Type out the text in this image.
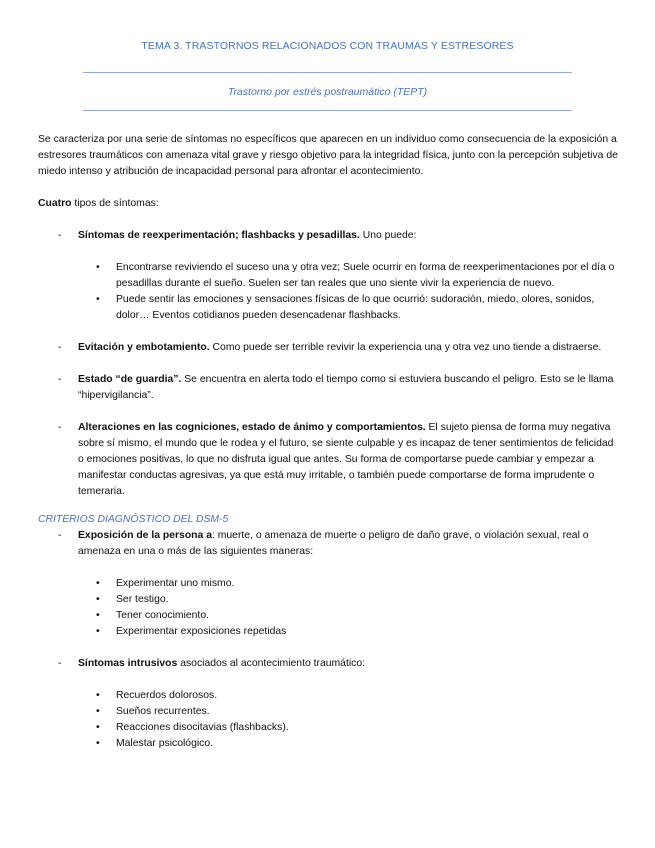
TEMA 3. TRASTORNOS RELACIONADOS CON TRAUMAS Y ESTRESORES
Trastorno por estrés postraumático (TEPT)

Se caracteriza por una serie de síntomas no específicos que aparecen en un individuo como consecuencia de la exposición a estresores traumáticos con amenaza vital grave y riesgo objetivo para la integridad física, junto con la percepción subjetiva de miedo intenso y atribución de incapacidad personal para afrontar el acontecimiento.

Cuatro tipos de síntomas:

- Síntomas de reexperimentación; flashbacks y pesadillas. Uno puede:
• Encontrarse reviviendo el suceso una y otra vez; Suele ocurrir en forma de reexperimentaciones por el día o pesadillas durante el sueño. Suelen ser tan reales que uno siente vivir la experiencia de nuevo.
• Puede sentir las emociones y sensaciones físicas de lo que ocurrió: sudoración, miedo, olores, sonidos, dolor… Eventos cotidianos pueden desencadenar flashbacks.
- Evitación y embotamiento. Como puede ser terrible revivir la experiencia una y otra vez uno tiende a distraerse.
- Estado “de guardia”. Se encuentra en alerta todo el tiempo como si estuviera buscando el peligro. Esto se le llama “hipervigilancia”.
- Alteraciones en las cogniciones, estado de ánimo y comportamientos. El sujeto piensa de forma muy negativa sobre sí mismo, el mundo que le rodea y el futuro, se siente culpable y es incapaz de tener sentimientos de felicidad o emociones positivas, lo que no disfruta igual que antes. Su forma de comportarse puede cambiar y empezar a manifestar conductas agresivas, ya que está muy irritable, o también puede comportarse de forma imprudente o temeraria.

CRITERIOS DIAGNÓSTICO DEL DSM-5

- Exposición de la persona a: muerte, o amenaza de muerte o peligro de daño grave, o violación sexual, real o amenaza en una o más de las siguientes maneras:
• Experimentar uno mismo.
• Ser testigo.
• Tener conocimiento.
• Experimentar exposiciones repetidas
- Síntomas intrusivos asociados al acontecimiento traumático:
• Recuerdos dolorosos.
• Sueños recurrentes.
• Reacciones disocitavias (flashbacks).
• Malestar psicológico.
